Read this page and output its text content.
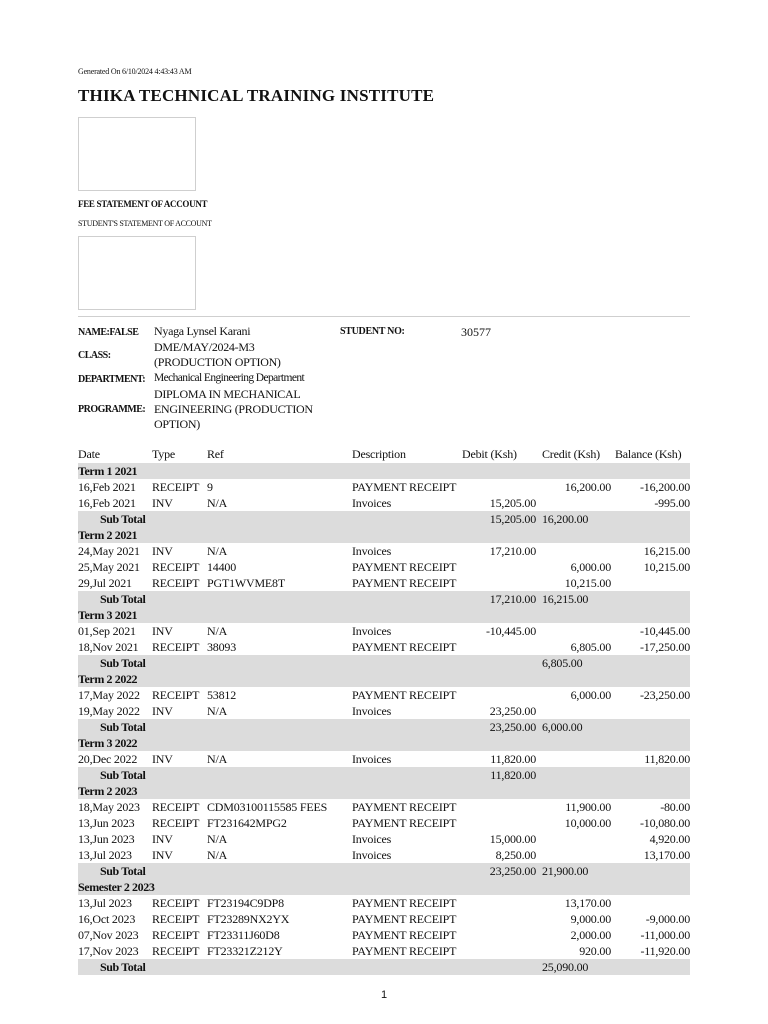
Generated On 6/10/2024 4:43:43 AM
THIKA TECHNICAL TRAINING INSTITUTE
FEE STATEMENT OF ACCOUNT
STUDENT'S STATEMENT OF ACCOUNT
NAME:FALSE Nyaga Lynsel Karani
CLASS:
DME/MAY/2024-M3 (PRODUCTION OPTION)
DEPARTMENT: Mechanical Engineering Department
PROGRAMME:
DIPLOMA IN MECHANICAL ENGINEERING (PRODUCTION OPTION)
STUDENT NO:	30577
Date	Type	Ref	Description	Debit (Ksh)	Credit (Ksh)	Balance (Ksh)
Term 1 2021						
16,Feb 2021	RECEIPT	9	PAYMENT RECEIPT		16,200.00	-16,200.00
16,Feb 2021	INV	N/A	Invoices	15,205.00		-995.00
Sub Total				15,205.00	16,200.00	
Term 2 2021						
24,May 2021	INV	N/A	Invoices	17,210.00		16,215.00
25,May 2021	RECEIPT	14400	PAYMENT RECEIPT		6,000.00	10,215.00
29,Jul 2021	RECEIPT	PGT1WVME8T	PAYMENT RECEIPT		10,215.00	
Sub Total				17,210.00	16,215.00	
Term 3 2021						
01,Sep 2021	INV	N/A	Invoices	-10,445.00		-10,445.00
18,Nov 2021	RECEIPT	38093	PAYMENT RECEIPT		6,805.00	-17,250.00
Sub Total					6,805.00	
Term 2 2022						
17,May 2022	RECEIPT	53812	PAYMENT RECEIPT		6,000.00	-23,250.00
19,May 2022	INV	N/A	Invoices	23,250.00		
Sub Total				23,250.00	6,000.00	
Term 3 2022						
20,Dec 2022	INV	N/A	Invoices	11,820.00		11,820.00
Sub Total				11,820.00		
Term 2 2023						
18,May 2023	RECEIPT	CDM03100115585 FEES	PAYMENT RECEIPT		11,900.00	-80.00
13,Jun 2023	RECEIPT	FT231642MPG2	PAYMENT RECEIPT		10,000.00	-10,080.00
13,Jun 2023	INV	N/A	Invoices	15,000.00		4,920.00
13,Jul 2023	INV	N/A	Invoices	8,250.00		13,170.00
Sub Total				23,250.00	21,900.00	
Semester 2 2023						
13,Jul 2023	RECEIPT	FT23194C9DP8	PAYMENT RECEIPT		13,170.00	
16,Oct 2023	RECEIPT	FT23289NX2YX	PAYMENT RECEIPT		9,000.00	-9,000.00
07,Nov 2023	RECEIPT	FT23311J60D8	PAYMENT RECEIPT		2,000.00	-11,000.00
17,Nov 2023	RECEIPT	FT23321Z212Y	PAYMENT RECEIPT		920.00	-11,920.00
Sub Total					25,090.00	
1
